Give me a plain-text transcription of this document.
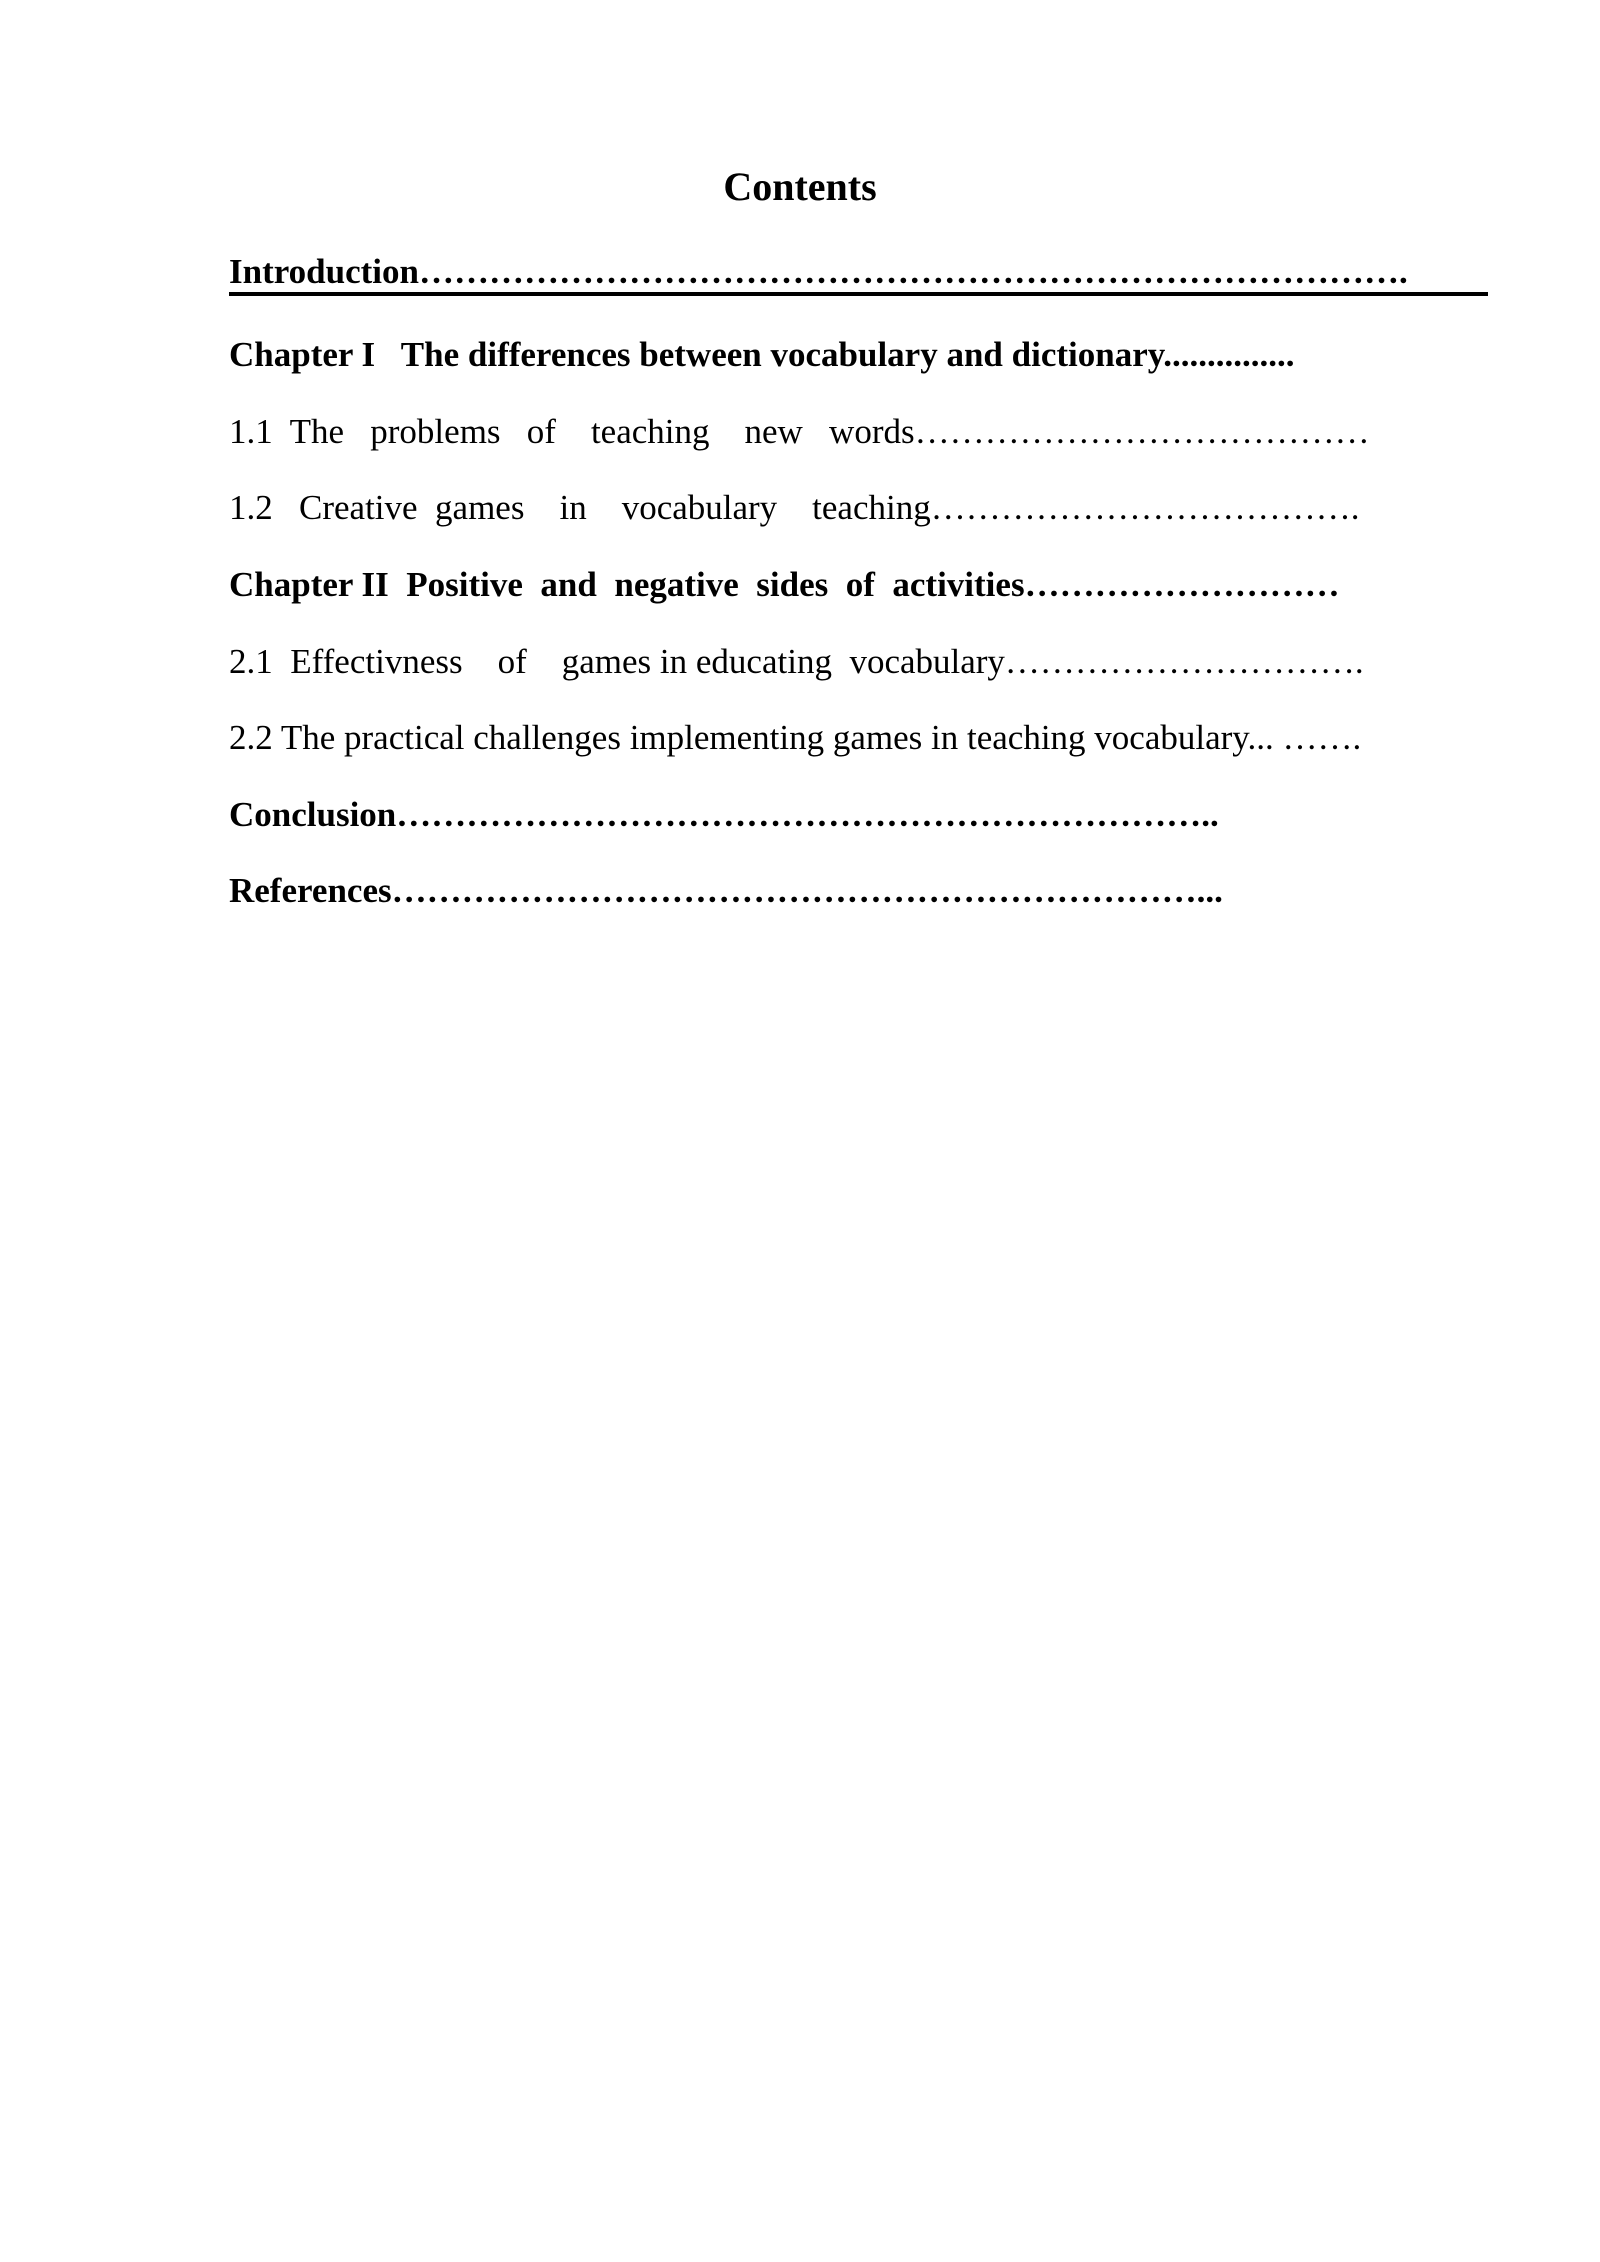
Contents

Introduction………………………………………………………………………….

Chapter I   The differences between vocabulary and dictionary...............

1.1  The   problems   of    teaching    new   words…………………………………

1.2   Creative  games    in    vocabulary    teaching……………………………….

Chapter II  Positive  and  negative  sides  of  activities………………………

2.1  Effectivness    of    games in educating  vocabulary………………………….

2.2 The practical challenges implementing games in teaching vocabulary... …….

Conclusion……………………………………………………………..

References……………………………………………………………...
